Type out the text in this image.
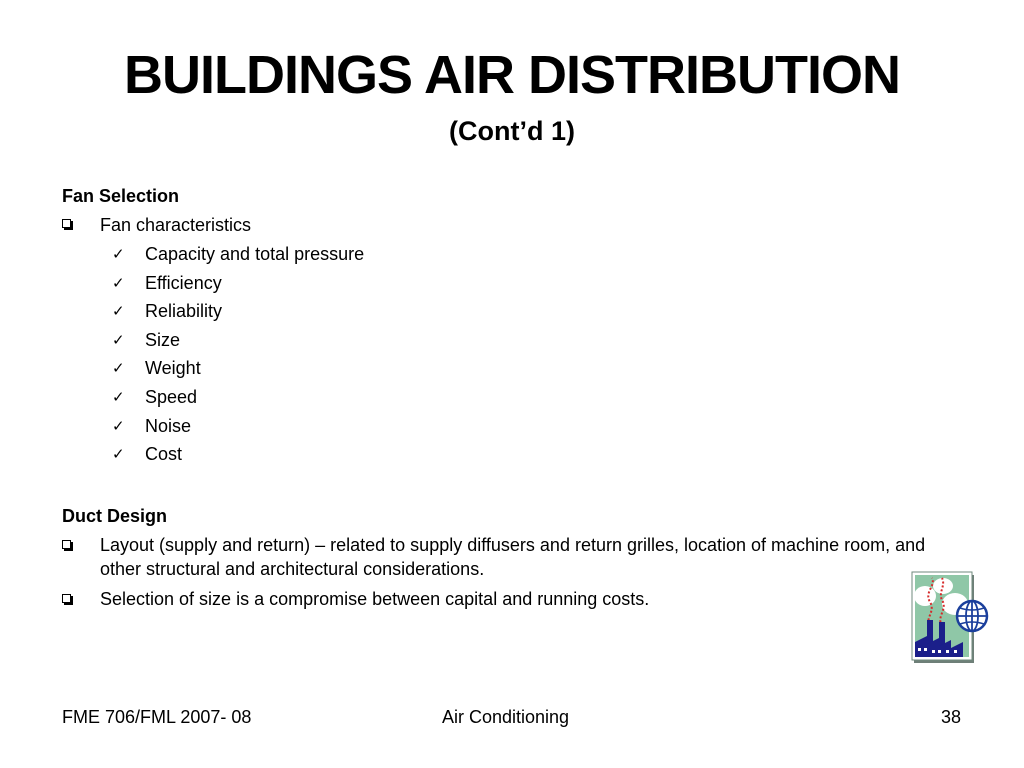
BUILDINGS AIR DISTRIBUTION
(Cont’d 1)
Fan Selection
Fan characteristics
✓ Capacity and total pressure
✓ Efficiency
✓ Reliability
✓ Size
✓ Weight
✓ Speed
✓ Noise
✓ Cost
Duct Design
Layout (supply and return) – related to supply diffusers and return grilles, location of machine room, and other structural and architectural considerations.
Selection of size is a compromise between capital and running costs.
FME 706/FML 2007- 08	Air Conditioning	38
